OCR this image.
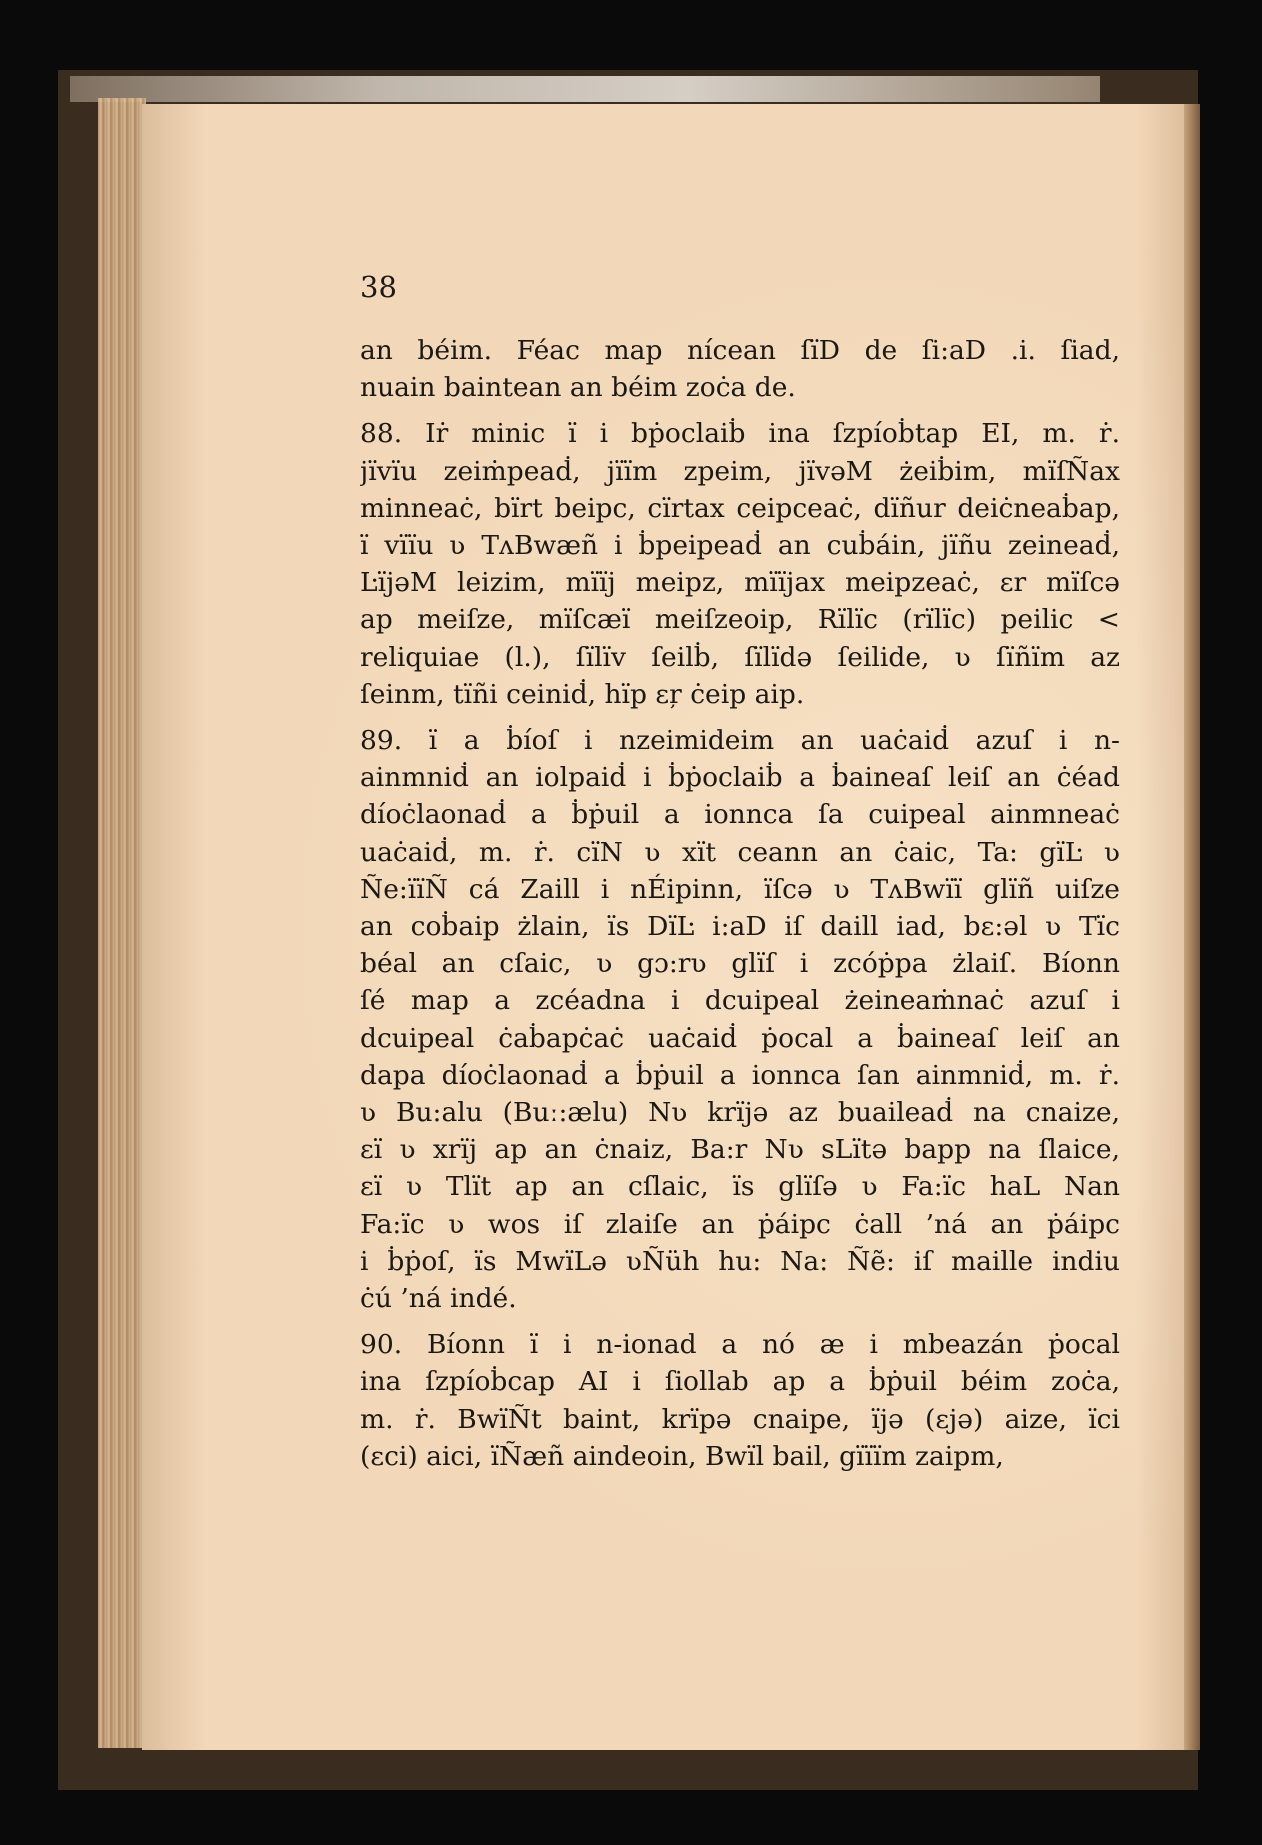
38
an béim. Féac map nícean ſïD de ſi:aD .i. ſiad,
nuain baintean an béim zoċa de.
88. Iṙ minic ï i bṗoclaiḃ ina ſzpíoḃtap EI, m. ṙ.
jïvïu zeiṁpeaḋ, jïïm zpeim, jïvəM żeiḃim, mïſÑax
minneaċ, bïrt beipc, cïrtax ceipceaċ, dïñur deiċneaḃap,
ï vïïu ʋ TᴧBwæñ i ḃpeipeaḋ an cuḃáin, jïñu zeineaḋ,
ĿïjəM leizim, mïïj meipz, mïïjax meipzeaċ, εr mïſcə
ap meiſze, mïſcæï meiſzeoip, Rïlïc (rïlïc) peilic <
reliquiae (l.), ſïlïv ſeilḃ, ſïlïdə ſeilide, ʋ ſïñïm az
ſeinm, tïñi ceiniḋ, hïp εŗ ċeip aip.
89. ï a ḃíoſ i nzeimideim an uaċaiḋ azuſ i n-
ainmniḋ an iolpaiḋ i ḃṗoclaiḃ a ḃaineaſ leiſ an ċéad
díoċlaonaḋ a ḃṗuil a ionnca ſa cuipeal ainmneaċ
uaċaiḋ, m. ṙ. cïN ʋ xït ceann an ċaic, Ta: gïĿ ʋ
Ñe:ïïÑ cá Zaill i nÉipinn, ïſcə ʋ TᴧBwïï glïñ uiſze
an coḃaip żlain, ïs DïĿ i:aD iſ daill iad, bε:əl ʋ Tïc
béal an cſaic, ʋ gɔ:rʋ glïſ i zcóṗpa żlaiſ. Bíonn
ſé map a zcéadna i dcuipeal żeineaṁnaċ azuſ i
dcuipeal ċaḃapċaċ uaċaiḋ ṗocal a ḃaineaſ leiſ an
dapa díoċlaonaḋ a ḃṗuil a ionnca ſan ainmniḋ, m. ṙ.
ʋ Bu:alu (Buː:ælu) Nʋ krïjə az buaileaḋ na cnaize,
εï ʋ xrïj ap an ċnaiz, Ba:r Nʋ sLïtə bapp na ſlaice,
εï ʋ Tlït ap an cſlaic, ïs glïſə ʋ Fa:ïc haL Nan
Fa:ïc ʋ wos iſ zlaiſe an ṗáipc ċall ’ná an ṗáipc
i ḃṗoſ, ïs MwïLə ʋÑüh hu: Na: Ñẽ: iſ maille indiu
ċú ’ná indé.
90. Bíonn ï i n-ionad a nó æ i mbeazán ṗocal
ina ſzpíoḃcap AI i ſiollab ap a ḃṗuil béim zoċa,
m. ṙ. BwïÑt baint, krïpə cnaipe, ïjə (εjə) aize, ïci
(εci) aici, ïÑæñ aindeoin, Bwïl bail, gïïïm zaipm,
